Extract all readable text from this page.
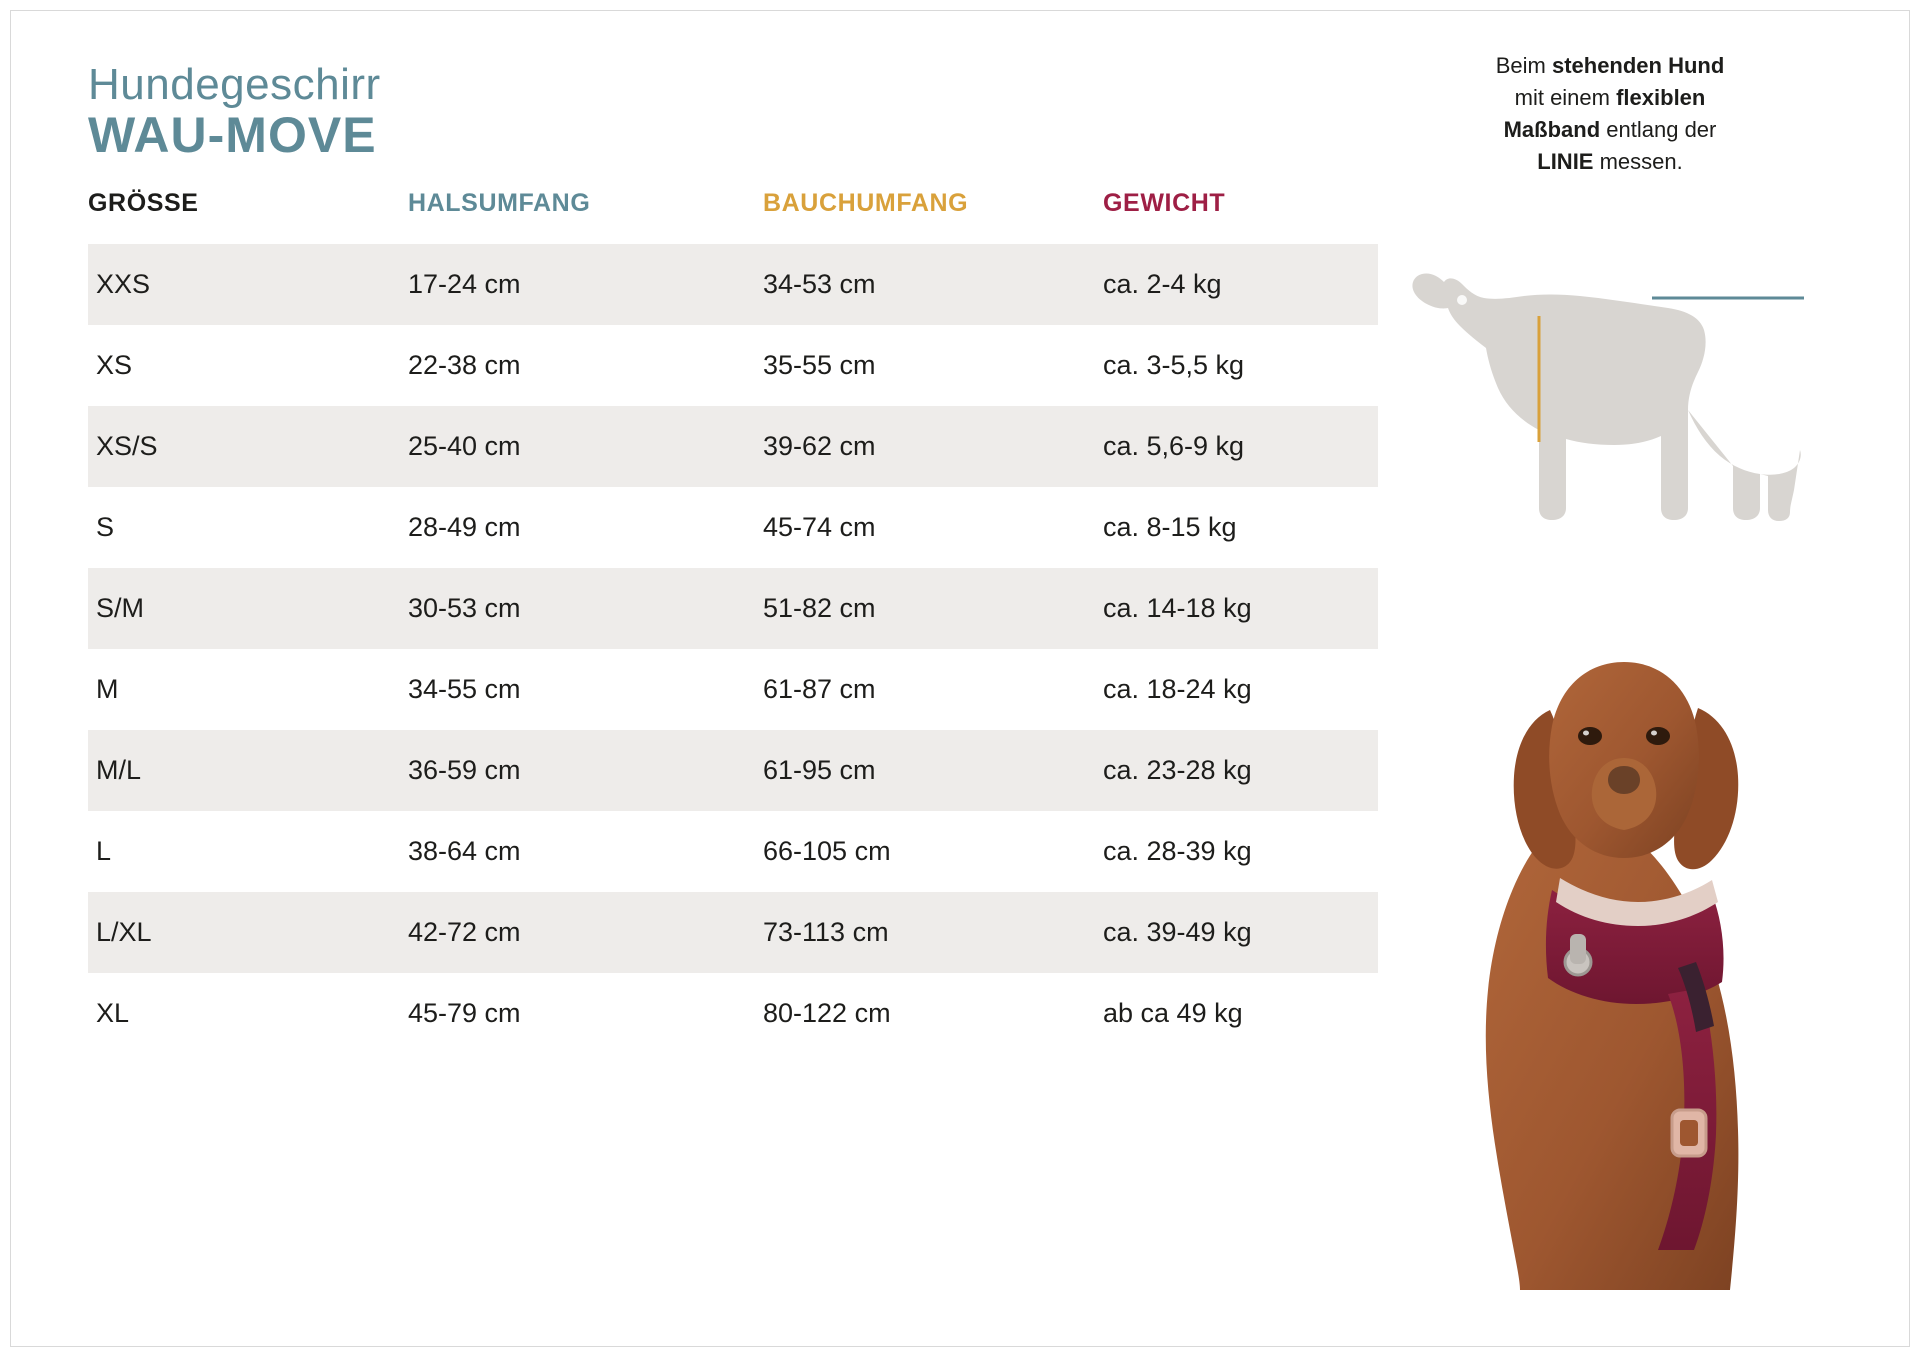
Hundegeschirr
WAU-MOVE
GRÖSSE	HALSUMFANG	BAUCHUMFANG	GEWICHT
XXS	17-24 cm	34-53 cm	ca. 2-4 kg
XS	22-38 cm	35-55 cm	ca. 3-5,5 kg
XS/S	25-40 cm	39-62 cm	ca. 5,6-9 kg
S	28-49 cm	45-74 cm	ca. 8-15 kg
S/M	30-53 cm	51-82 cm	ca. 14-18 kg
M	34-55 cm	61-87 cm	ca. 18-24 kg
M/L	36-59 cm	61-95 cm	ca. 23-28 kg
L	38-64 cm	66-105 cm	ca. 28-39 kg
L/XL	42-72 cm	73-113 cm	ca. 39-49 kg
XL	45-79 cm	80-122 cm	ab ca 49 kg
Beim stehenden Hund
mit einem flexiblen
Maßband entlang der
LINIE messen.
